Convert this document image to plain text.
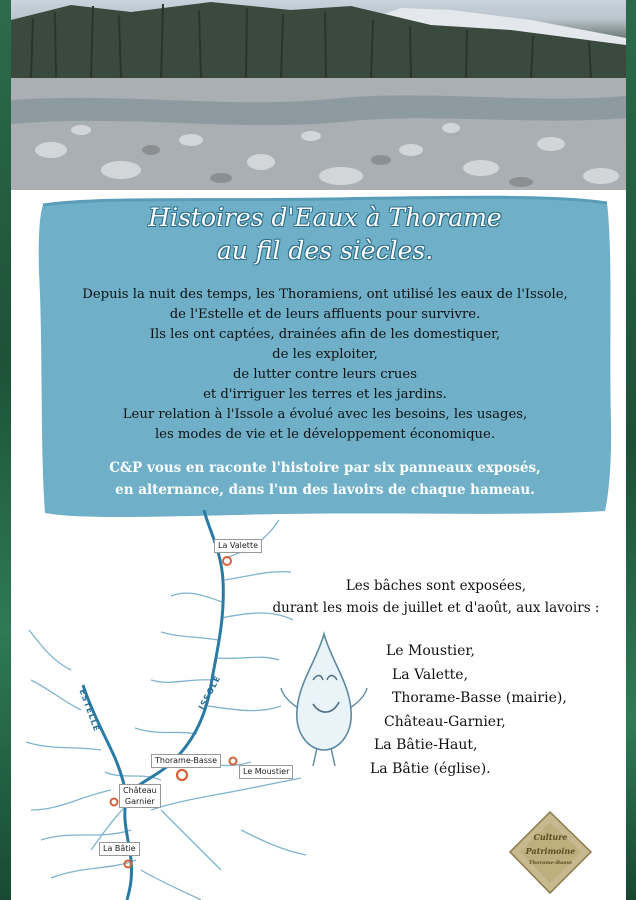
Histoires d'Eaux à Thorame
au fil des siècles.
Depuis la nuit des temps, les Thoramiens, ont utilisé les eaux de l'Issole,
de l'Estelle et de leurs affluents pour survivre.
Ils les ont captées, drainées afin de les domestiquer,
de les exploiter,
de lutter contre leurs crues
et d'irriguer les terres et les jardins.
Leur relation à l'Issole a évolué avec les besoins, les usages,
les modes de vie et le développement économique.
C&P vous en raconte l'histoire par six panneaux exposés,
en alternance, dans l'un des lavoirs de chaque hameau.
La Valette
Thorame-Basse
Le Moustier
Château
Garnier
La Bâtie
ISSOLE
ESTELLE
Les bâches sont exposées,
durant les mois de juillet et d'août, aux lavoirs :
Le Moustier,
La Valette,
Thorame-Basse (mairie),
Château-Garnier,
La Bâtie-Haut,
La Bâtie (église).
Culture
Patrimoine
Thorame-Basse
